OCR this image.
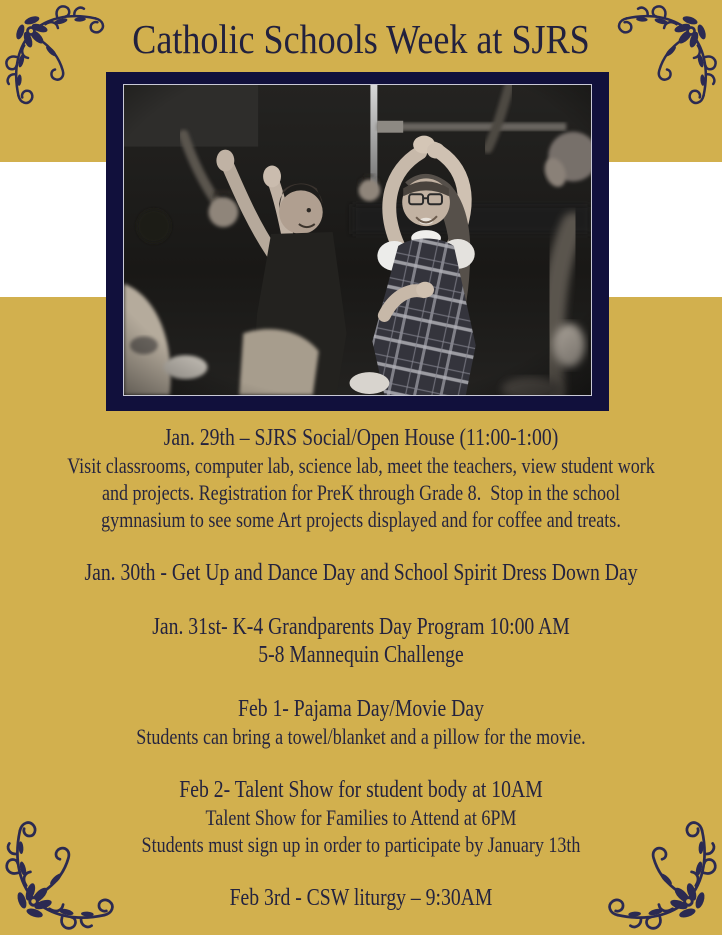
Catholic Schools Week at SJRS

Jan. 29th – SJRS Social/Open House (11:00-1:00)

Visit classrooms, computer lab, science lab, meet the teachers, view student work

and projects. Registration for PreK through Grade 8.  Stop in the school

gymnasium to see some Art projects displayed and for coffee and treats.

Jan. 30th - Get Up and Dance Day and School Spirit Dress Down Day

Jan. 31st- K-4 Grandparents Day Program 10:00 AM

5-8 Mannequin Challenge

Feb 1- Pajama Day/Movie Day

Students can bring a towel/blanket and a pillow for the movie.

Feb 2- Talent Show for student body at 10AM

Talent Show for Families to Attend at 6PM

Students must sign up in order to participate by January 13th

Feb 3rd - CSW liturgy – 9:30AM
